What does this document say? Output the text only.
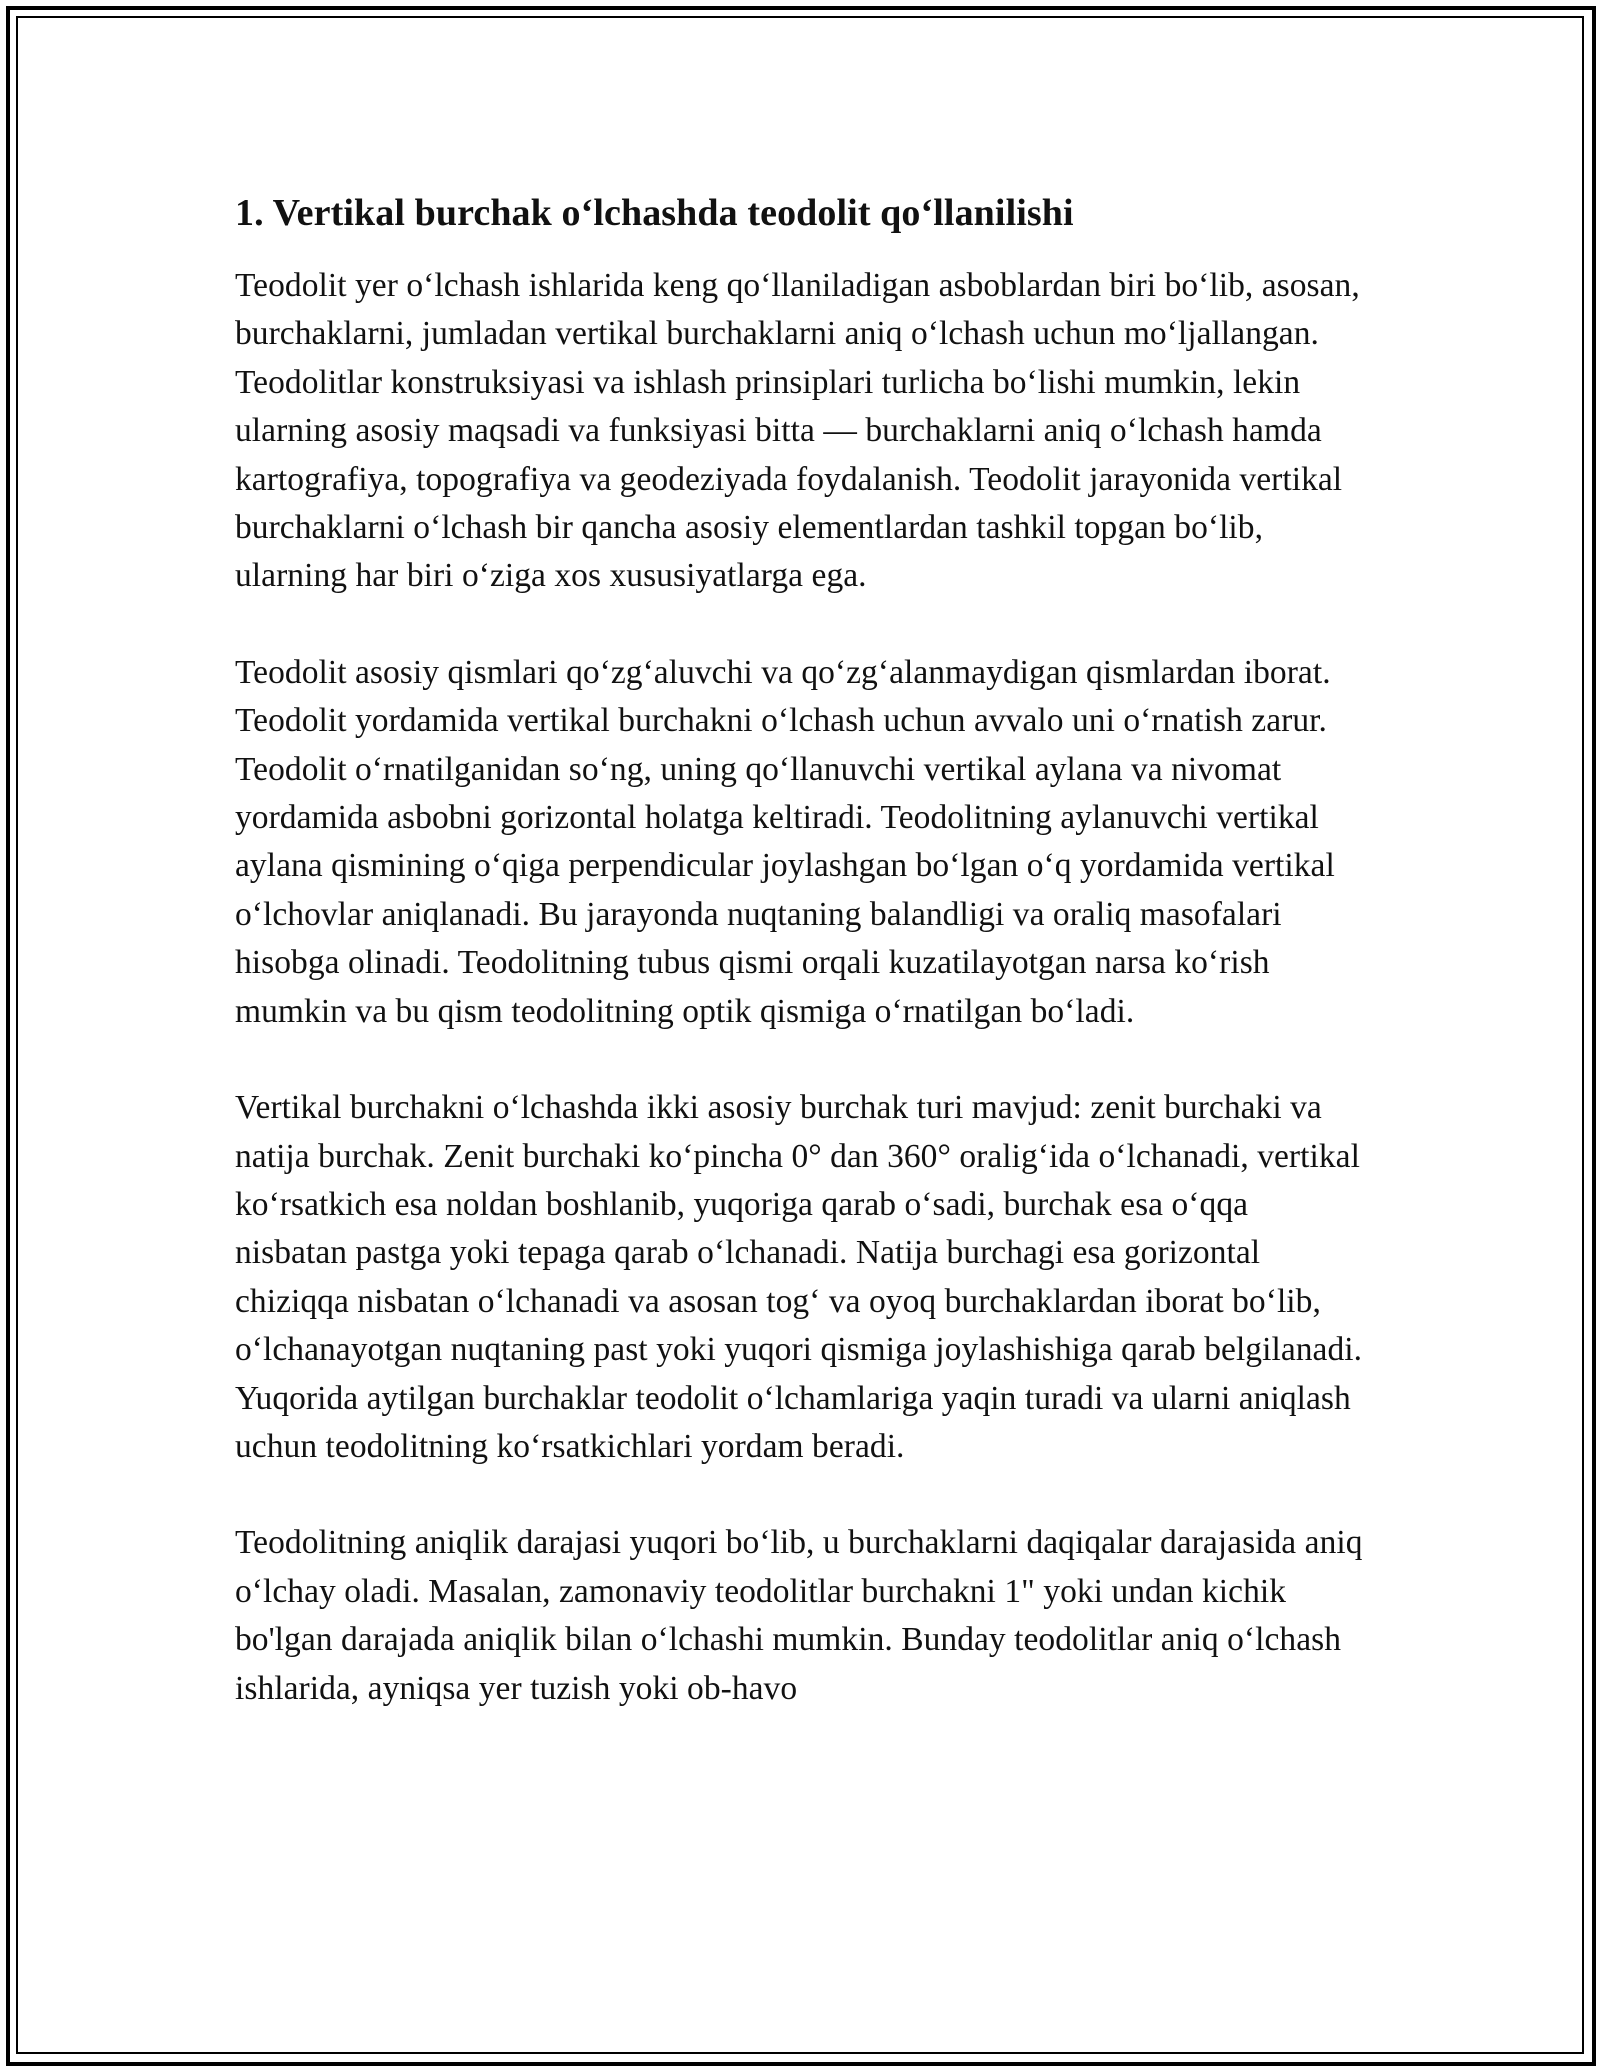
1. Vertikal burchak o‘lchashda teodolit qo‘llanilishi

Teodolit yer o‘lchash ishlarida keng qo‘llaniladigan asboblardan biri bo‘lib, asosan, burchaklarni, jumladan vertikal burchaklarni aniq o‘lchash uchun mo‘ljallangan. Teodolitlar konstruksiyasi va ishlash prinsiplari turlicha bo‘lishi mumkin, lekin ularning asosiy maqsadi va funksiyasi bitta — burchaklarni aniq o‘lchash hamda kartografiya, topografiya va geodeziyada foydalanish. Teodolit jarayonida vertikal burchaklarni o‘lchash bir qancha asosiy elementlardan tashkil topgan bo‘lib, ularning har biri o‘ziga xos xususiyatlarga ega.

Teodolit asosiy qismlari qo‘zg‘aluvchi va qo‘zg‘alanmaydigan qismlardan iborat. Teodolit yordamida vertikal burchakni o‘lchash uchun avvalo uni o‘rnatish zarur. Teodolit o‘rnatilganidan so‘ng, uning qo‘llanuvchi vertikal aylana va nivomat yordamida asbobni gorizontal holatga keltiradi. Teodolitning aylanuvchi vertikal aylana qismining o‘qiga perpendicular joylashgan bo‘lgan o‘q yordamida vertikal o‘lchovlar aniqlanadi. Bu jarayonda nuqtaning balandligi va oraliq masofalari hisobga olinadi. Teodolitning tubus qismi orqali kuzatilayotgan narsa ko‘rish mumkin va bu qism teodolitning optik qismiga o‘rnatilgan bo‘ladi.

Vertikal burchakni o‘lchashda ikki asosiy burchak turi mavjud: zenit burchaki va natija burchak. Zenit burchaki ko‘pincha 0° dan 360° oralig‘ida o‘lchanadi, vertikal ko‘rsatkich esa noldan boshlanib, yuqoriga qarab o‘sadi, burchak esa o‘qqa nisbatan pastga yoki tepaga qarab o‘lchanadi. Natija burchagi esa gorizontal chiziqqa nisbatan o‘lchanadi va asosan tog‘ va oyoq burchaklardan iborat bo‘lib, o‘lchanayotgan nuqtaning past yoki yuqori qismiga joylashishiga qarab belgilanadi. Yuqorida aytilgan burchaklar teodolit o‘lchamlariga yaqin turadi va ularni aniqlash uchun teodolitning ko‘rsatkichlari yordam beradi.

Teodolitning aniqlik darajasi yuqori bo‘lib, u burchaklarni daqiqalar darajasida aniq o‘lchay oladi. Masalan, zamonaviy teodolitlar burchakni 1" yoki undan kichik bo'lgan darajada aniqlik bilan o‘lchashi mumkin. Bunday teodolitlar aniq o‘lchash ishlarida, ayniqsa yer tuzish yoki ob-havo
